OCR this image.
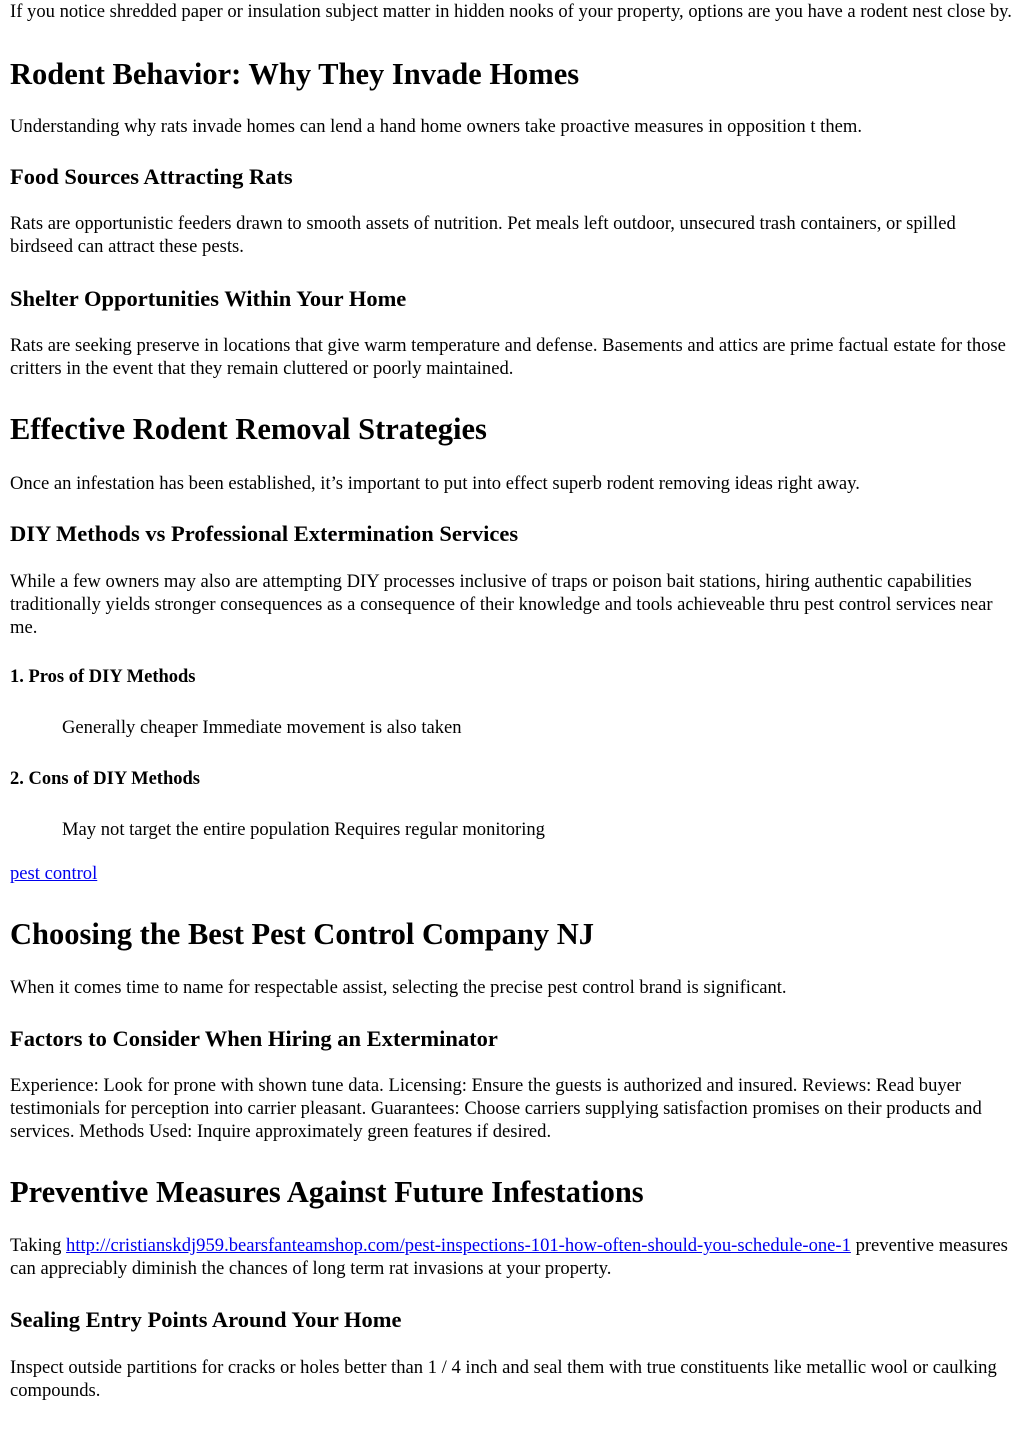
If you notice shredded paper or insulation subject matter in hidden nooks of your property, options are you have a rodent nest close by.

Rodent Behavior: Why They Invade Homes

Understanding why rats invade homes can lend a hand home owners take proactive measures in opposition t them.

Food Sources Attracting Rats

Rats are opportunistic feeders drawn to smooth assets of nutrition. Pet meals left outdoor, unsecured trash containers, or spilled birdseed can attract these pests.

Shelter Opportunities Within Your Home

Rats are seeking preserve in locations that give warm temperature and defense. Basements and attics are prime factual estate for those critters in the event that they remain cluttered or poorly maintained.

Effective Rodent Removal Strategies

Once an infestation has been established, it’s important to put into effect superb rodent removing ideas right away.

DIY Methods vs Professional Extermination Services

While a few owners may also are attempting DIY processes inclusive of traps or poison bait stations, hiring authentic capabilities traditionally yields stronger consequences as a consequence of their knowledge and tools achieveable thru pest control services near me.

1. Pros of DIY Methods

Generally cheaper Immediate movement is also taken

2. Cons of DIY Methods

May not target the entire population Requires regular monitoring

pest control

Choosing the Best Pest Control Company NJ

When it comes time to name for respectable assist, selecting the precise pest control brand is significant.

Factors to Consider When Hiring an Exterminator

Experience: Look for prone with shown tune data. Licensing: Ensure the guests is authorized and insured. Reviews: Read buyer testimonials for perception into carrier pleasant. Guarantees: Choose carriers supplying satisfaction promises on their products and services. Methods Used: Inquire approximately green features if desired.

Preventive Measures Against Future Infestations

Taking http://cristianskdj959.bearsfanteamshop.com/pest-inspections-101-how-often-should-you-schedule-one-1 preventive measures can appreciably diminish the chances of long term rat invasions at your property.

Sealing Entry Points Around Your Home

Inspect outside partitions for cracks or holes better than 1 / 4 inch and seal them with true constituents like metallic wool or caulking compounds.
